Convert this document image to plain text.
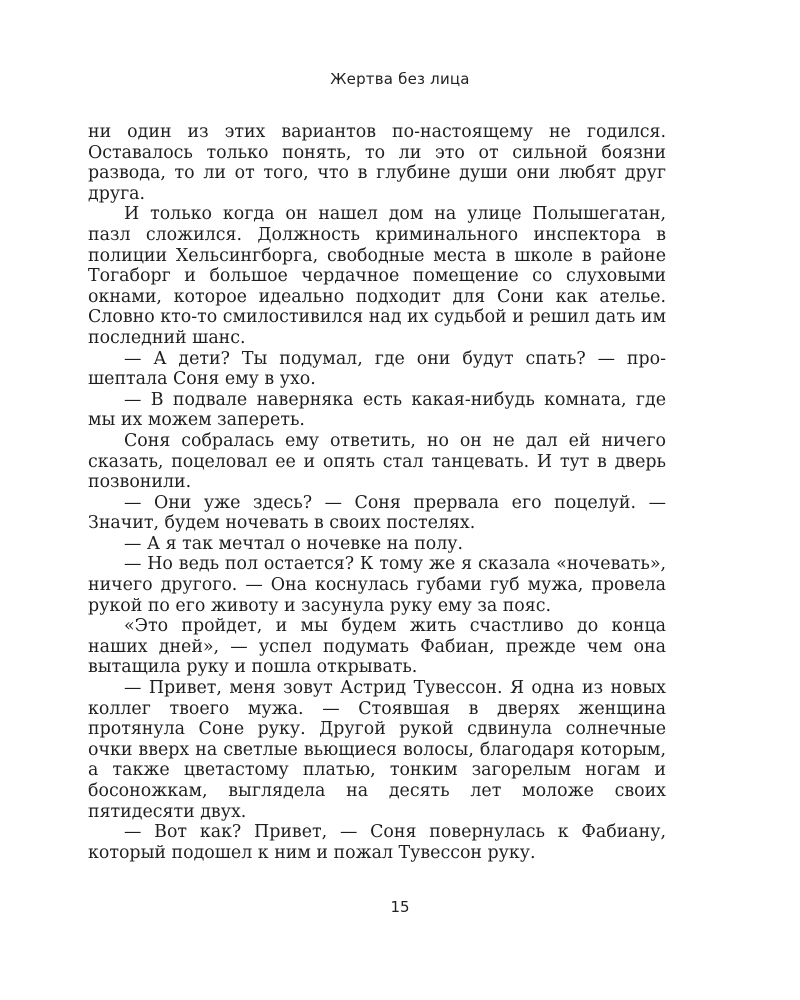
Жертва без лица

ни один из этих вариантов по-настоящему не годился. Оставалось только понять, то ли это от сильной боязни развода, то ли от того, что в глубине души они любят друг друга.

И только когда он нашел дом на улице Полышегатан, пазл сложился. Должность криминального инспектора в полиции Хельсингборга, свободные места в школе в районе Тогаборг и большое чердачное помещение со слуховыми окнами, которое идеально подходит для Сони как ателье. Словно кто-то смилостивился над их судьбой и решил дать им последний шанс.

— А дети? Ты подумал, где они будут спать? — прошептала Соня ему в ухо.

— В подвале наверняка есть какая-нибудь комната, где мы их можем запереть.

Соня собралась ему ответить, но он не дал ей ничего сказать, поцеловал ее и опять стал танцевать. И тут в дверь позвонили.

— Они уже здесь? — Соня прервала его поцелуй. — Значит, будем ночевать в своих постелях.

— А я так мечтал о ночевке на полу.

— Но ведь пол остается? К тому же я сказала «ночевать», ничего другого. — Она коснулась губами губ мужа, провела рукой по его животу и засунула руку ему за пояс.

«Это пройдет, и мы будем жить счастливо до конца наших дней», — успел подумать Фабиан, прежде чем она вытащила руку и пошла открывать.

— Привет, меня зовут Астрид Тувессон. Я одна из новых коллег твоего мужа. — Стоявшая в дверях женщина протянула Соне руку. Другой рукой сдвинула солнечные очки вверх на светлые вьющиеся волосы, благодаря которым, а также цветастому платью, тонким загорелым ногам и босоножкам, выглядела на десять лет моложе своих пятидесяти двух.

— Вот как? Привет, — Соня повернулась к Фабиану, который подошел к ним и пожал Тувессон руку.

15
